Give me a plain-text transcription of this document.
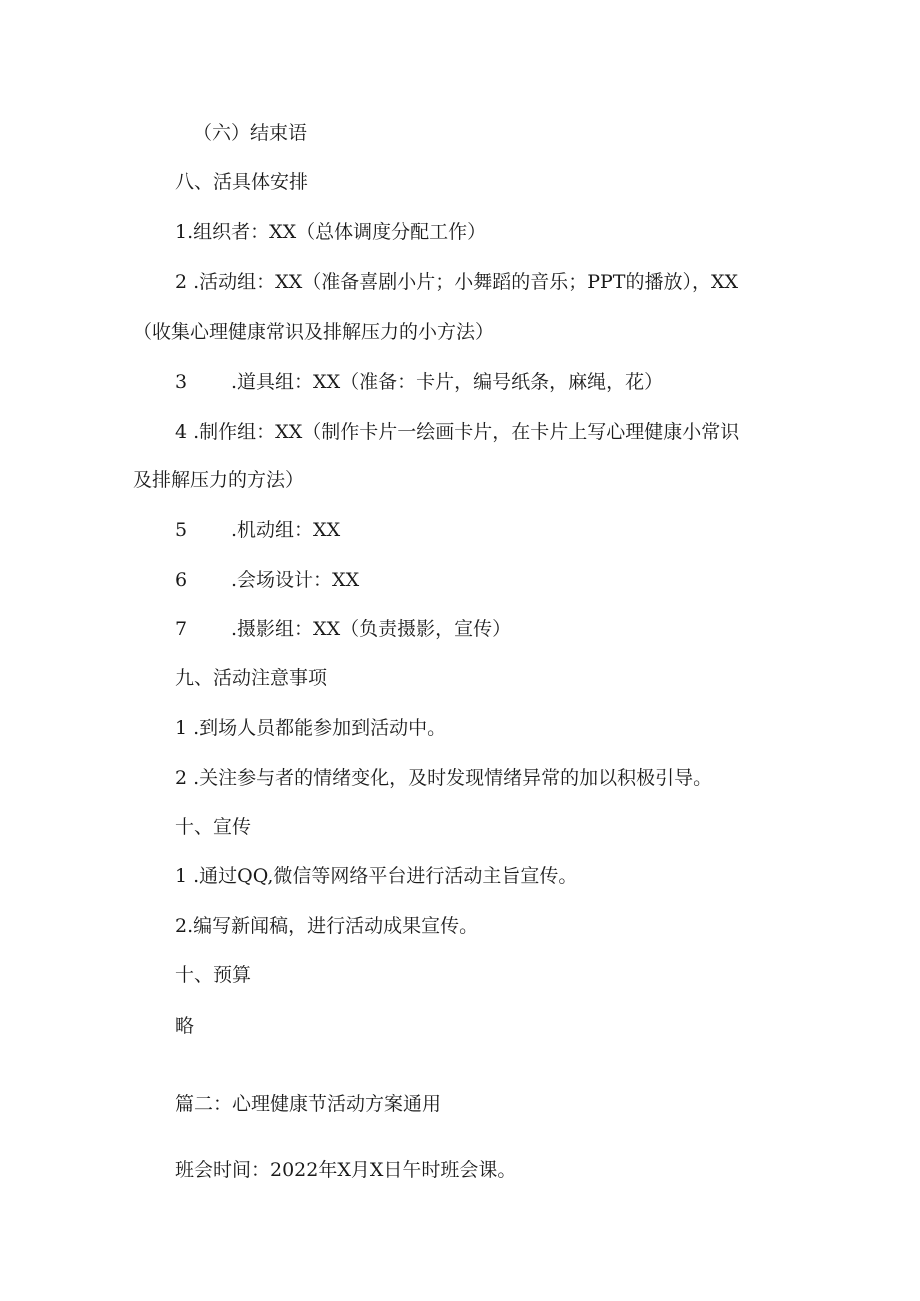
（六）结束语
八、活具体安排
1.组织者：XX（总体调度分配工作）
2 .活动组：XX（准备喜剧小片；小舞蹈的音乐；PPT的播放），XX
（收集心理健康常识及排解压力的小方法）
3 .道具组：XX（准备：卡片，编号纸条，麻绳，花）
4 .制作组：XX（制作卡片一绘画卡片，在卡片上写心理健康小常识
及排解压力的方法）
5 .机动组：XX
6 .会场设计：XX
7 .摄影组：XX（负责摄影，宣传）
九、活动注意事项
1 .到场人员都能参加到活动中。
2 .关注参与者的情绪变化，及时发现情绪异常的加以积极引导。
十、宣传
1 .通过QQ,微信等网络平台进行活动主旨宣传。
2.编写新闻稿，进行活动成果宣传。
十、预算
略
篇二：心理健康节活动方案通用
班会时间：2022年X月X日午时班会课。
